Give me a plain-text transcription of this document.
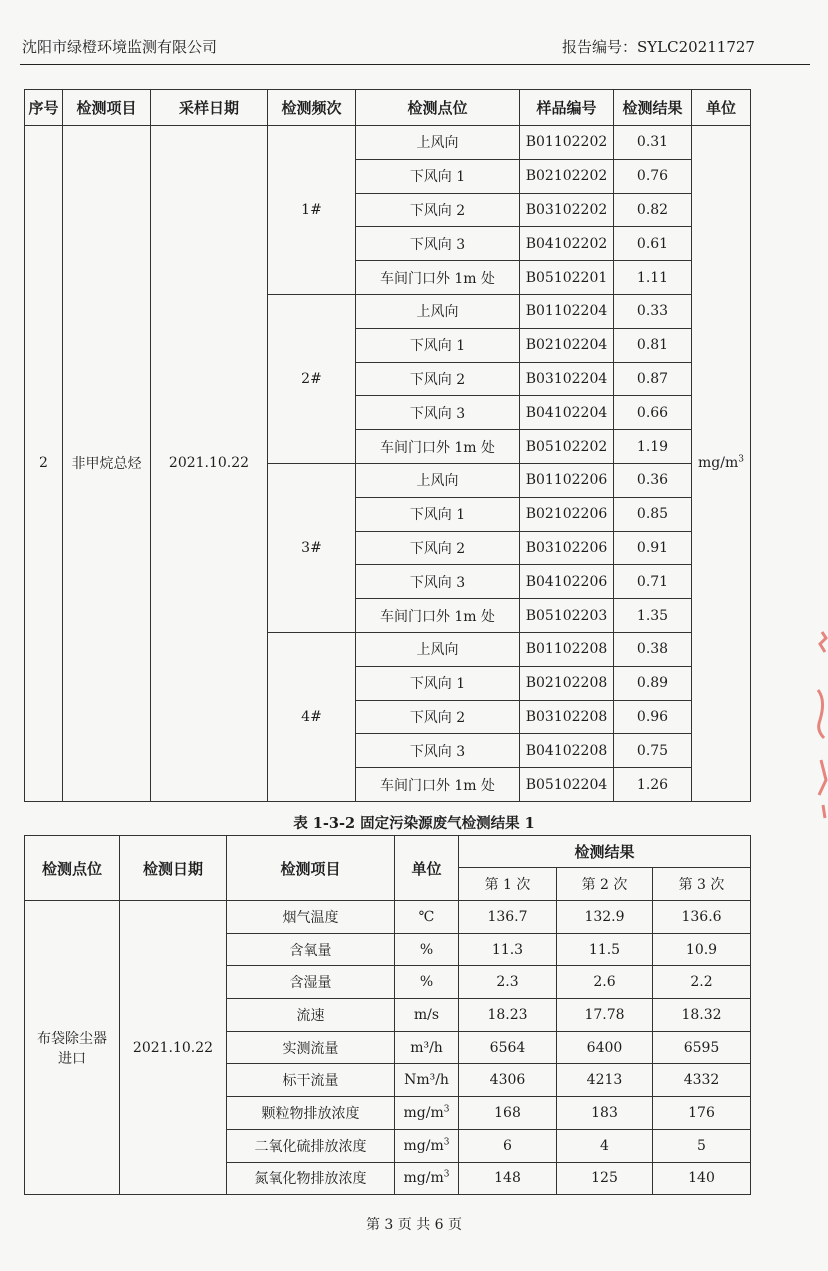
沈阳市绿橙环境监测有限公司	报告编号：SYLC20211727
序号	检测项目	采样日期	检测频次	检测点位	样品编号	检测结果	单位
2	非甲烷总烃	2021.10.22	1#	上风向	B01102202	0.31	$mg/m^3$
				下风向 1	B02102202	0.76	
				下风向 2	B03102202	0.82	
				下风向 3	B04102202	0.61	
				车间门口外 1m 处	B05102201	1.11	
			2#	上风向	B01102204	0.33	
				下风向 1	B02102204	0.81	
				下风向 2	B03102204	0.87	
				下风向 3	B04102204	0.66	
				车间门口外 1m 处	B05102202	1.19	
			3#	上风向	B01102206	0.36	
				下风向 1	B02102206	0.85	
				下风向 2	B03102206	0.91	
				下风向 3	B04102206	0.71	
				车间门口外 1m 处	B05102203	1.35	
			4#	上风向	B01102208	0.38	
				下风向 1	B02102208	0.89	
				下风向 2	B03102208	0.96	
				下风向 3	B04102208	0.75	
				车间门口外 1m 处	B05102204	1.26	
表 1-3-2 固定污染源废气检测结果 1
检测点位	检测日期	检测项目	单位	检测结果		
				第 1 次	第 2 次	第 3 次

布袋除尘器
进口	2021.10.22	烟气温度	℃	136.7	132.9	136.6
		含氧量	%	11.3	11.5	10.9
		含湿量	%	2.3	2.6	2.2
		流速	m/s	18.23	17.78	18.32
		实测流量	m³/h	6564	6400	6595
		标干流量	Nm³/h	4306	4213	4332
		颗粒物排放浓度	$mg/m^3$	168	183	176
		二氧化硫排放浓度	$mg/m^3$	6	4	5
		氮氧化物排放浓度	$mg/m^3$	148	125	140
第 3 页 共 6 页
